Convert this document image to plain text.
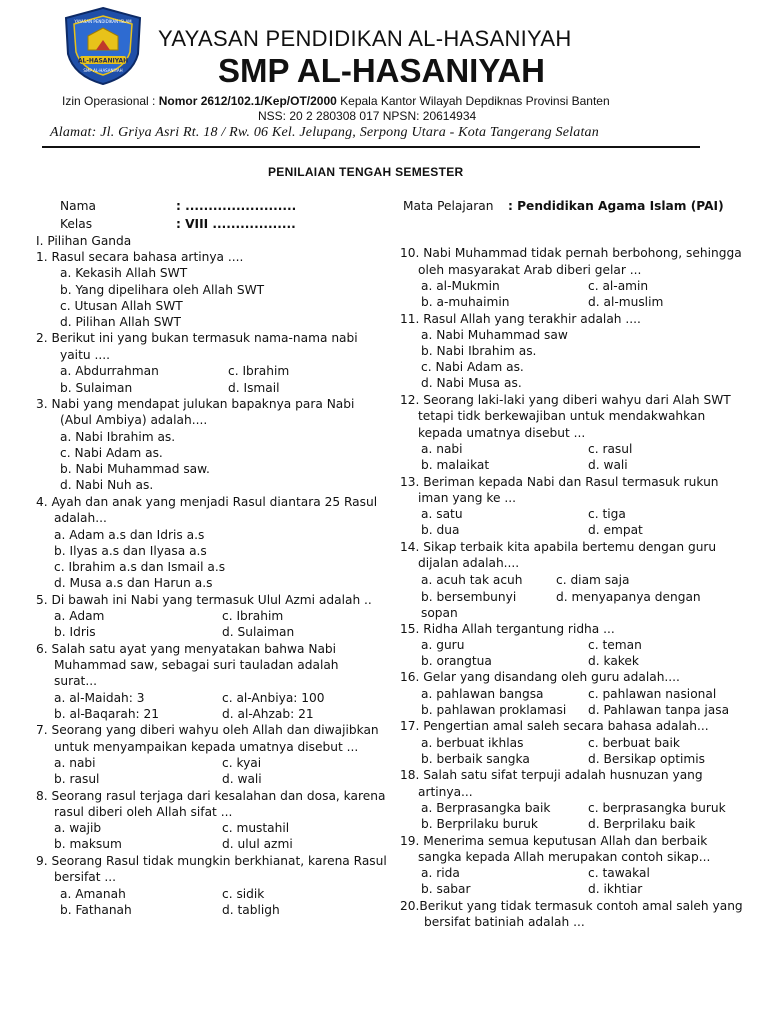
AL-HASANIYAH
YAYASAN PENDIDIKAN ISLAM
SMP AL-HASANIYAH
YAYASAN PENDIDIKAN AL-HASANIYAH
SMP AL-HASANIYAH
Izin Operasional : Nomor 2612/102.1/Kep/OT/2000 Kepala Kantor Wilayah Depdiknas Provinsi Banten
NSS: 20 2 280308 017 NPSN: 20614934
Alamat: Jl. Griya Asri Rt. 18 / Rw. 06 Kel. Jelupang, Serpong Utara - Kota Tangerang Selatan
PENILAIAN TENGAH SEMESTER
Nama	: ........................
Kelas	: VIII ..................
Mata Pelajaran : Pendidikan Agama Islam (PAI)
I. Pilihan Ganda
1. Rasul secara bahasa artinya ....
a. Kekasih Allah SWT
b. Yang dipelihara oleh Allah SWT
c. Utusan Allah SWT
d. Pilihan Allah SWT
2. Berikut ini yang bukan termasuk nama-nama nabi
yaitu ....
a. Abdurrahman	c. Ibrahim
b. Sulaiman	d. Ismail
3. Nabi yang mendapat julukan bapaknya para Nabi
(Abul Ambiya) adalah....
a. Nabi Ibrahim as.
c. Nabi Adam as.
b. Nabi Muhammad saw.
d. Nabi Nuh as.
4. Ayah dan anak yang menjadi Rasul diantara 25 Rasul
adalah...
a. Adam a.s dan Idris a.s
b. Ilyas a.s dan Ilyasa a.s
c. Ibrahim a.s dan Ismail a.s
d. Musa a.s dan Harun a.s
5. Di bawah ini Nabi yang termasuk Ulul Azmi adalah ..
a. Adam	c. Ibrahim
b. Idris	d. Sulaiman
6. Salah satu ayat yang menyatakan bahwa Nabi
Muhammad saw, sebagai suri tauladan adalah
surat...
a. al-Maidah: 3	c. al-Anbiya: 100
b. al-Baqarah: 21	d. al-Ahzab: 21
7. Seorang yang diberi wahyu oleh Allah dan diwajibkan
untuk menyampaikan kepada umatnya disebut ...
a. nabi	c. kyai
b. rasul	d. wali
8. Seorang rasul terjaga dari kesalahan dan dosa, karena
rasul diberi oleh Allah sifat ...
a. wajib	c. mustahil
b. maksum	d. ulul azmi
9. Seorang Rasul tidak mungkin berkhianat, karena Rasul
bersifat ...
a. Amanah	c. sidik
b. Fathanah	d. tabligh
10. Nabi Muhammad tidak pernah berbohong, sehingga
oleh masyarakat Arab diberi gelar ...
a. al-Mukmin	c. al-amin
b. a-muhaimin	d. al-muslim
11. Rasul Allah yang terakhir adalah ....
a. Nabi Muhammad saw
b. Nabi Ibrahim as.
c. Nabi Adam as.
d. Nabi Musa as.
12. Seorang laki-laki yang diberi wahyu dari Alah SWT
tetapi tidk berkewajiban untuk mendakwahkan
kepada umatnya disebut ...
a. nabi	c. rasul
b. malaikat	d. wali
13. Beriman kepada Nabi dan Rasul termasuk rukun
iman yang ke ...
a. satu	c. tiga
b. dua	d. empat
14. Sikap terbaik kita apabila bertemu dengan guru
dijalan adalah....
a. acuh tak acuh	c. diam saja
b. bersembunyi	d. menyapanya dengan
sopan
15. Ridha Allah tergantung ridha ...
a. guru	c. teman
b. orangtua	d. kakek
16. Gelar yang disandang oleh guru adalah....
a. pahlawan bangsa	c. pahlawan nasional
b. pahlawan proklamasi d. Pahlawan tanpa jasa
17. Pengertian amal saleh secara bahasa adalah...
a. berbuat ikhlas	c. berbuat baik
b. berbaik sangka	d. Bersikap optimis
18. Salah satu sifat terpuji adalah husnuzan yang
artinya...
a. Berprasangka baik	c. berprasangka buruk
b. Berprilaku buruk	d. Berprilaku baik
19. Menerima semua keputusan Allah dan berbaik
sangka kepada Allah merupakan contoh sikap...
a. rida	c. tawakal
b. sabar	d. ikhtiar
20.Berikut yang tidak termasuk contoh amal saleh yang
bersifat batiniah adalah ...
